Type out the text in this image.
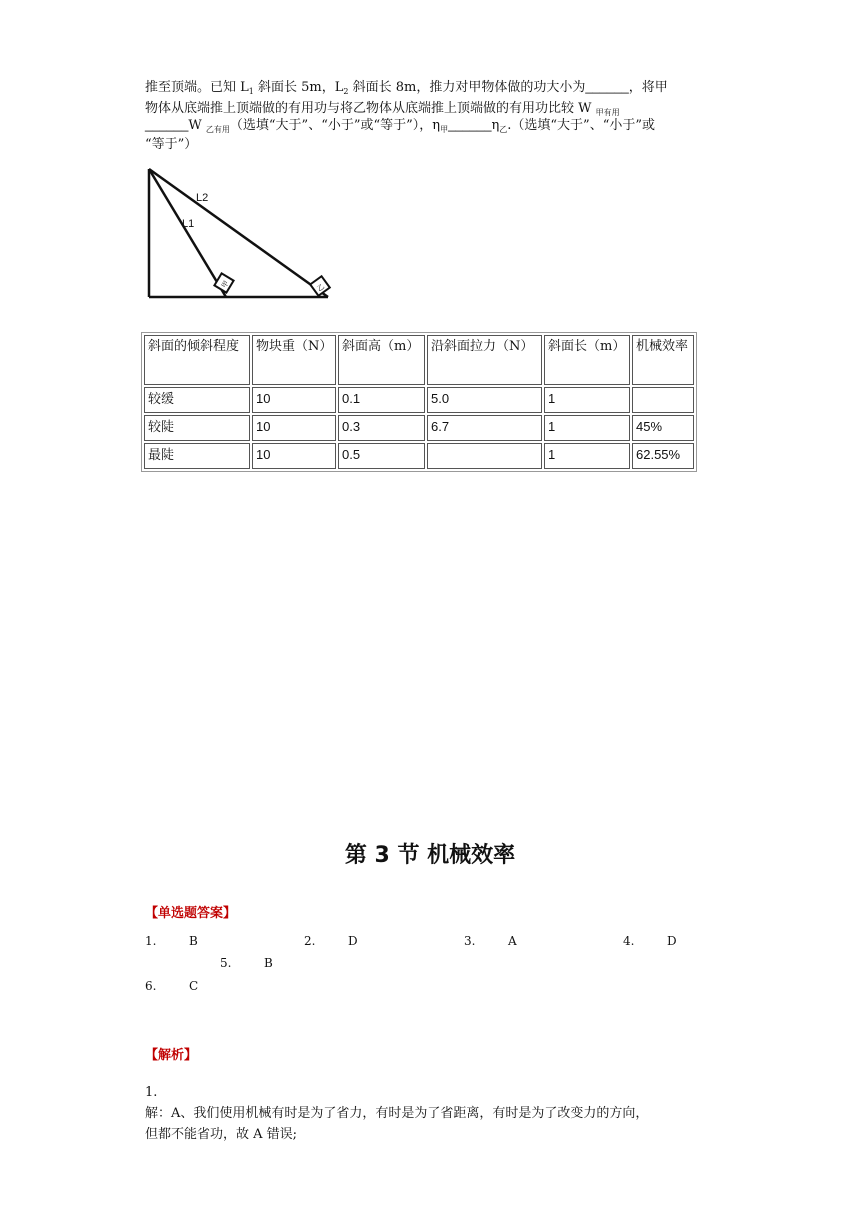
推至顶端。已知 $L_1$ 斜面长 5m，$L_2$ 斜面长 8m，推力对甲物体做的功大小为______，将甲
物体从底端推上顶端做的有用功与将乙物体从底端推上顶端做的有用功比较 W $_{甲有用}$
______W $_{乙有用}$（选填“大于”、“小于”或“等于”），$\eta_甲\_\_\_\_\_\_\eta_乙$.（选填“大于”、“小于”或
“等于”）
L2
L1
甲	乙
斜面的倾斜程度	物块重（N）	斜面高（m）	沿斜面拉力（N）	斜面长（m）	机械效率
较缓	10	0.1	5.0	1	
较陡	10	0.3	6.7	1	45%
最陡	10	0.5		1	62.55%
第 3 节 机械效率
【单选题答案】
1.	B	2.	D	3.	A	4.	D
5.	B
6.	C
【解析】
1.
解：A、我们使用机械有时是为了省力，有时是为了省距离，有时是为了改变力的方向，
但都不能省功，故 A 错误;
